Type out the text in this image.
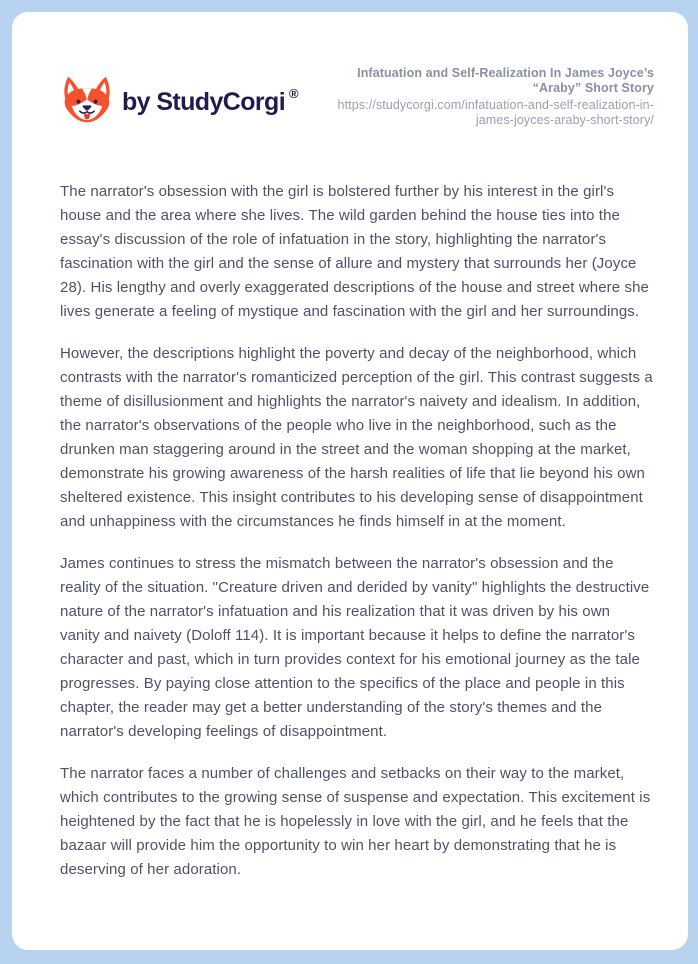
by StudyCorgi ®
Infatuation and Self-Realization In James Joyce’s
“Araby” Short Story
https://studycorgi.com/infatuation-and-self-realization-in-
james-joyces-araby-short-story/

The narrator's obsession with the girl is bolstered further by his interest in the girl's house and the area where she lives. The wild garden behind the house ties into the essay's discussion of the role of infatuation in the story, highlighting the narrator's fascination with the girl and the sense of allure and mystery that surrounds her (Joyce 28). His lengthy and overly exaggerated descriptions of the house and street where she lives generate a feeling of mystique and fascination with the girl and her surroundings.

However, the descriptions highlight the poverty and decay of the neighborhood, which contrasts with the narrator's romanticized perception of the girl. This contrast suggests a theme of disillusionment and highlights the narrator's naivety and idealism. In addition, the narrator's observations of the people who live in the neighborhood, such as the drunken man staggering around in the street and the woman shopping at the market, demonstrate his growing awareness of the harsh realities of life that lie beyond his own sheltered existence. This insight contributes to his developing sense of disappointment and unhappiness with the circumstances he finds himself in at the moment.

James continues to stress the mismatch between the narrator's obsession and the reality of the situation. "Creature driven and derided by vanity" highlights the destructive nature of the narrator's infatuation and his realization that it was driven by his own vanity and naivety (Doloff 114). It is important because it helps to define the narrator's character and past, which in turn provides context for his emotional journey as the tale progresses. By paying close attention to the specifics of the place and people in this chapter, the reader may get a better understanding of the story's themes and the narrator's developing feelings of disappointment.

The narrator faces a number of challenges and setbacks on their way to the market, which contributes to the growing sense of suspense and expectation. This excitement is heightened by the fact that he is hopelessly in love with the girl, and he feels that the bazaar will provide him the opportunity to win her heart by demonstrating that he is deserving of her adoration.
